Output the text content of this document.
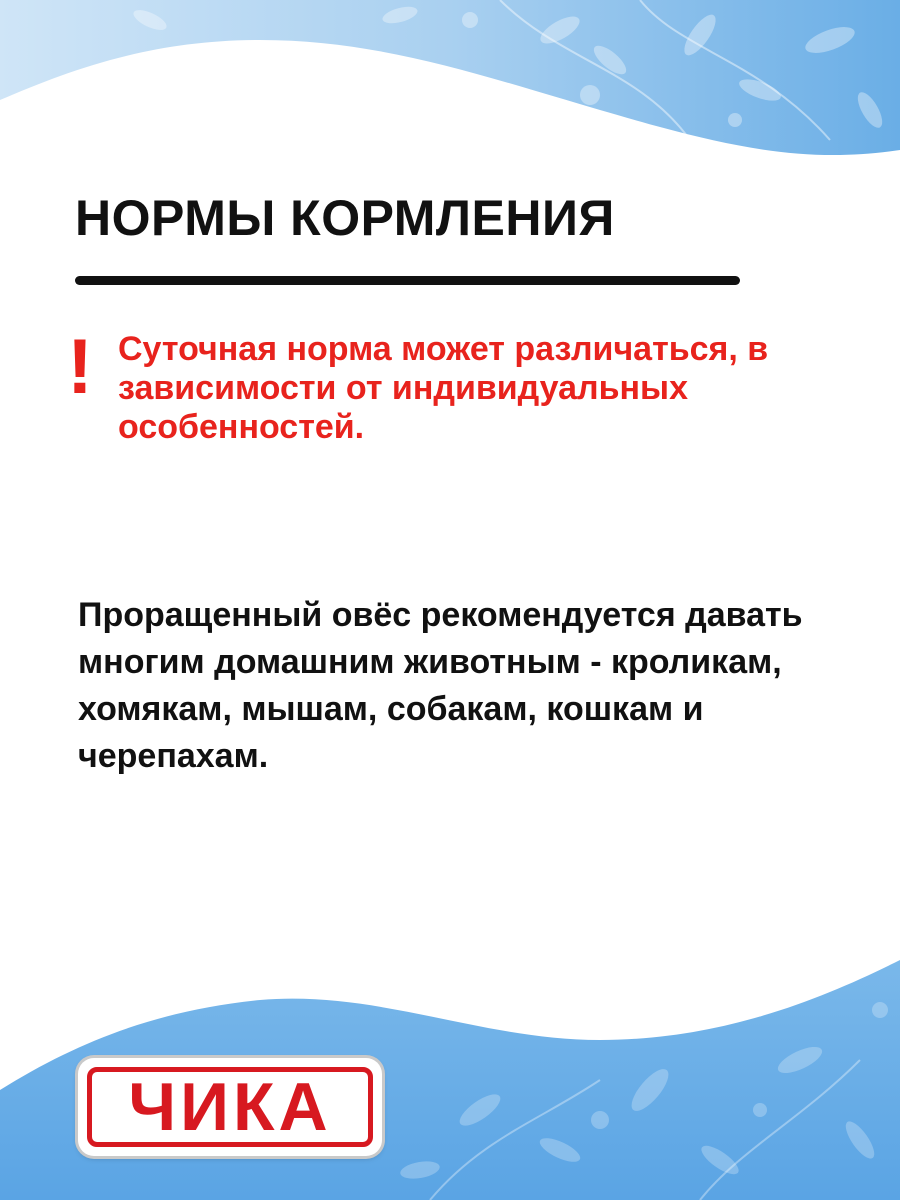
НОРМЫ КОРМЛЕНИЯ
! Суточная норма может различаться, в зависимости от индивидуальных особенностей.

Проращенный овёс рекомендуется давать многим домашним животным - кроликам, хомякам, мышам, собакам, кошкам и черепахам.

ЧИКА
